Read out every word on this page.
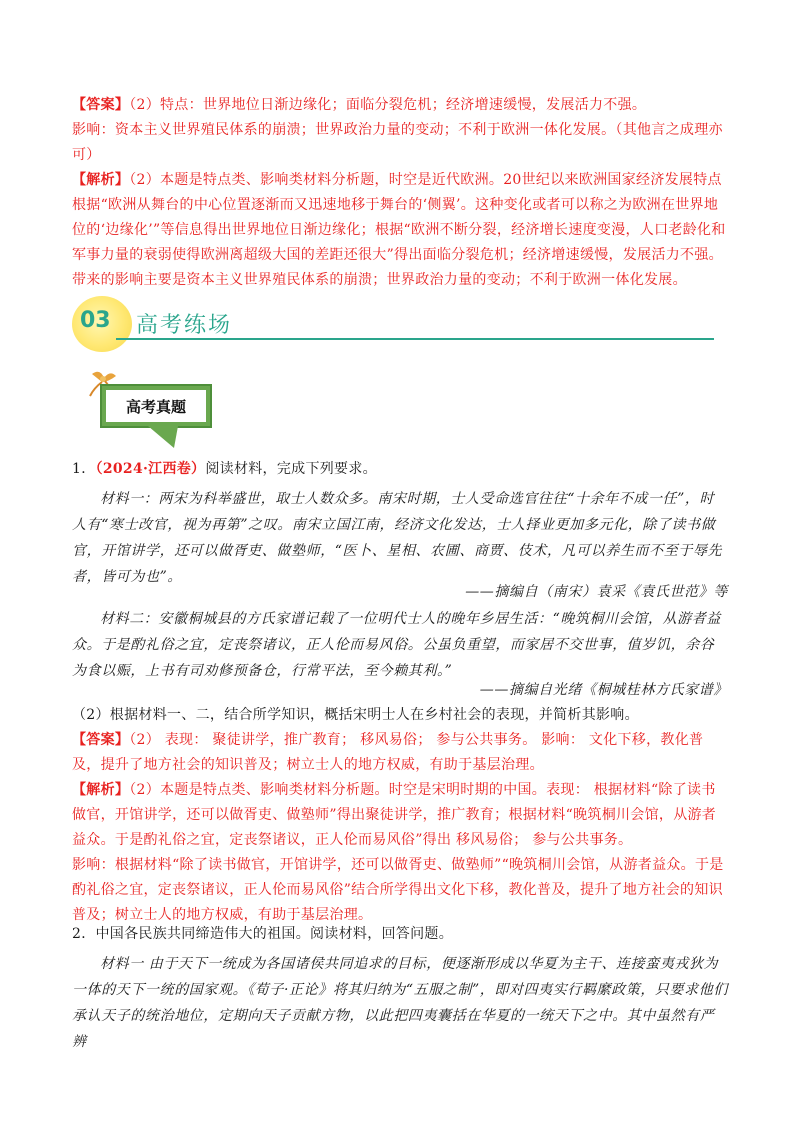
【答案】（2）特点：世界地位日渐边缘化；面临分裂危机；经济增速缓慢，发展活力不强。
影响：资本主义世界殖民体系的崩溃；世界政治力量的变动；不利于欧洲一体化发展。（其他言之成理亦可）
【解析】（2）本题是特点类、影响类材料分析题，时空是近代欧洲。20世纪以来欧洲国家经济发展特点根据“欧洲从舞台的中心位置逐渐而又迅速地移于舞台的‘侧翼’。这种变化或者可以称之为欧洲在世界地位的‘边缘化’”等信息得出世界地位日渐边缘化；根据“欧洲不断分裂，经济增长速度变漫，人口老龄化和军事力量的衰弱使得欧洲离超级大国的差距还很大”得出面临分裂危机；经济增速缓慢，发展活力不强。带来的影响主要是资本主义世界殖民体系的崩溃；世界政治力量的变动；不利于欧洲一体化发展。
03 高考练场
高考真题
1．（2024·江西卷）阅读材料，完成下列要求。
材料一：两宋为科举盛世，取士人数众多。南宋时期，士人受命选官往往“十余年不成一任”，时人有“寒士改官，视为再第”之叹。南宋立国江南，经济文化发达，士人择业更加多元化，除了读书做官，开馆讲学，还可以做胥吏、做塾师，“医卜、星相、农圃、商贾、伎术，凡可以养生而不至于辱先者，皆可为也”。
——摘编自（南宋）袁采《袁氏世范》等
材料二：安徽桐城县的方氏家谱记载了一位明代士人的晚年乡居生活：“晚筑桐川会馆，从游者益众。于是酌礼俗之宜，定丧祭诸议，正人伦而易风俗。公虽负重望，而家居不交世事，值岁饥，余谷为食以赈，上书有司劝修预备仓，行常平法，至今赖其利。”
——摘编自光绪《桐城桂林方氏家谱》
（2）根据材料一、二，结合所学知识，概括宋明士人在乡村社会的表现，并简析其影响。
【答案】（2） 表现： 聚徒讲学，推广教育； 移风易俗； 参与公共事务。 影响： 文化下移，教化普及，提升了地方社会的知识普及；树立士人的地方权威，有助于基层治理。
【解析】（2）本题是特点类、影响类材料分析题。时空是宋明时期的中国。表现： 根据材料“除了读书做官，开馆讲学，还可以做胥吏、做塾师”得出聚徒讲学，推广教育；根据材料“晚筑桐川会馆，从游者益众。于是酌礼俗之宜，定丧祭诸议，正人伦而易风俗”得出 移风易俗； 参与公共事务。
影响：根据材料“除了读书做官，开馆讲学，还可以做胥吏、做塾师”“晚筑桐川会馆，从游者益众。于是酌礼俗之宜，定丧祭诸议，正人伦而易风俗”结合所学得出文化下移，教化普及，提升了地方社会的知识普及；树立士人的地方权威，有助于基层治理。
2．中国各民族共同缔造伟大的祖国。阅读材料，回答问题。
材料一 由于天下一统成为各国诸侯共同追求的目标，便逐渐形成以华夏为主干、连接蛮夷戎狄为一体的天下一统的国家观。《荀子·正论》将其归纳为“五服之制”，即对四夷实行羁縻政策，只要求他们承认天子的统治地位，定期向天子贡献方物，以此把四夷囊括在华夏的一统天下之中。其中虽然有严辨
